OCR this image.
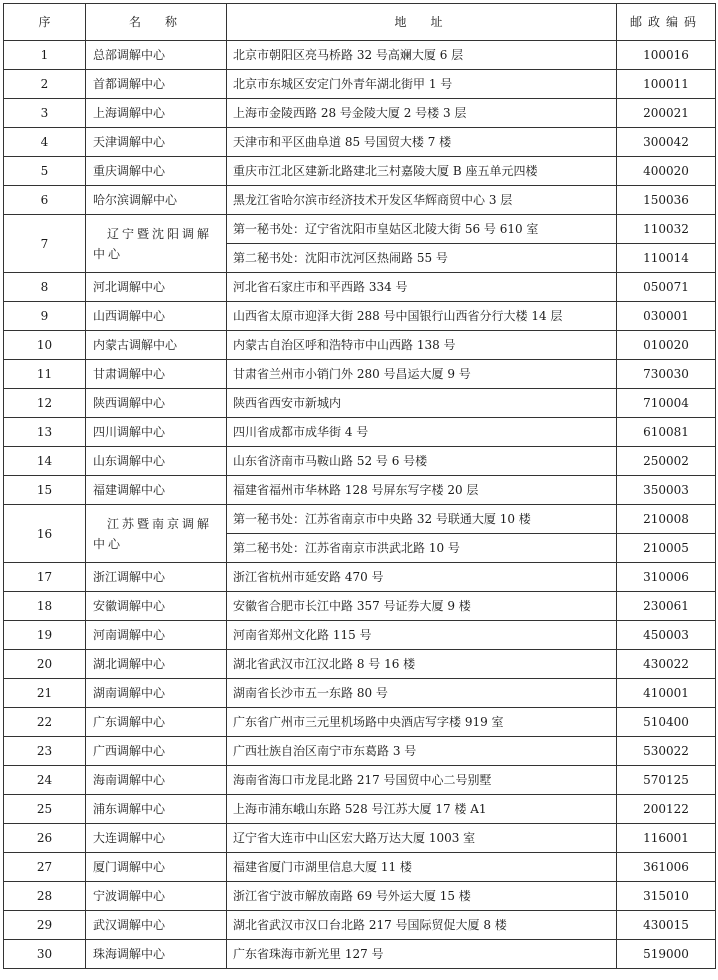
序	名　称	地　址	邮政编码
1	总部调解中心	北京市朝阳区亮马桥路 32 号高斓大厦 6 层	100016
2	首都调解中心	北京市东城区安定门外青年湖北街甲 1 号	100011
3	上海调解中心	上海市金陵西路 28 号金陵大厦 2 号楼 3 层	200021
4	天津调解中心	天津市和平区曲阜道 85 号国贸大楼 7 楼	300042
5	重庆调解中心	重庆市江北区建新北路建北三村嘉陵大厦 B 座五单元四楼	400020
6	哈尔滨调解中心	黑龙江省哈尔滨市经济技术开发区华辉商贸中心 3 层	150036
7	辽宁暨沈阳调解中心	第一秘书处：辽宁省沈阳市皇姑区北陵大街 56 号 610 室	110032
		第二秘书处：沈阳市沈河区热闹路 55 号	110014
8	河北调解中心	河北省石家庄市和平西路 334 号	050071
9	山西调解中心	山西省太原市迎泽大街 288 号中国银行山西省分行大楼 14 层	030001
10	内蒙古调解中心	内蒙古自治区呼和浩特市中山西路 138 号	010020
11	甘肃调解中心	甘肃省兰州市小销门外 280 号昌运大厦 9 号	730030
12	陕西调解中心	陕西省西安市新城内	710004
13	四川调解中心	四川省成都市成华街 4 号	610081
14	山东调解中心	山东省济南市马鞍山路 52 号 6 号楼	250002
15	福建调解中心	福建省福州市华林路 128 号屏东写字楼 20 层	350003
16	江苏暨南京调解中心	第一秘书处：江苏省南京市中央路 32 号联通大厦 10 楼	210008
		第二秘书处：江苏省南京市洪武北路 10 号	210005
17	浙江调解中心	浙江省杭州市延安路 470 号	310006
18	安徽调解中心	安徽省合肥市长江中路 357 号证券大厦 9 楼	230061
19	河南调解中心	河南省郑州文化路 115 号	450003
20	湖北调解中心	湖北省武汉市江汉北路 8 号 16 楼	430022
21	湖南调解中心	湖南省长沙市五一东路 80 号	410001
22	广东调解中心	广东省广州市三元里机场路中央酒店写字楼 919 室	510400
23	广西调解中心	广西壮族自治区南宁市东葛路 3 号	530022
24	海南调解中心	海南省海口市龙昆北路 217 号国贸中心二号别墅	570125
25	浦东调解中心	上海市浦东峨山东路 528 号江苏大厦 17 楼 A1	200122
26	大连调解中心	辽宁省大连市中山区宏大路万达大厦 1003 室	116001
27	厦门调解中心	福建省厦门市湖里信息大厦 11 楼	361006
28	宁波调解中心	浙江省宁波市解放南路 69 号外运大厦 15 楼	315010
29	武汉调解中心	湖北省武汉市汉口台北路 217 号国际贸促大厦 8 楼	430015
30	珠海调解中心	广东省珠海市新光里 127 号	519000
